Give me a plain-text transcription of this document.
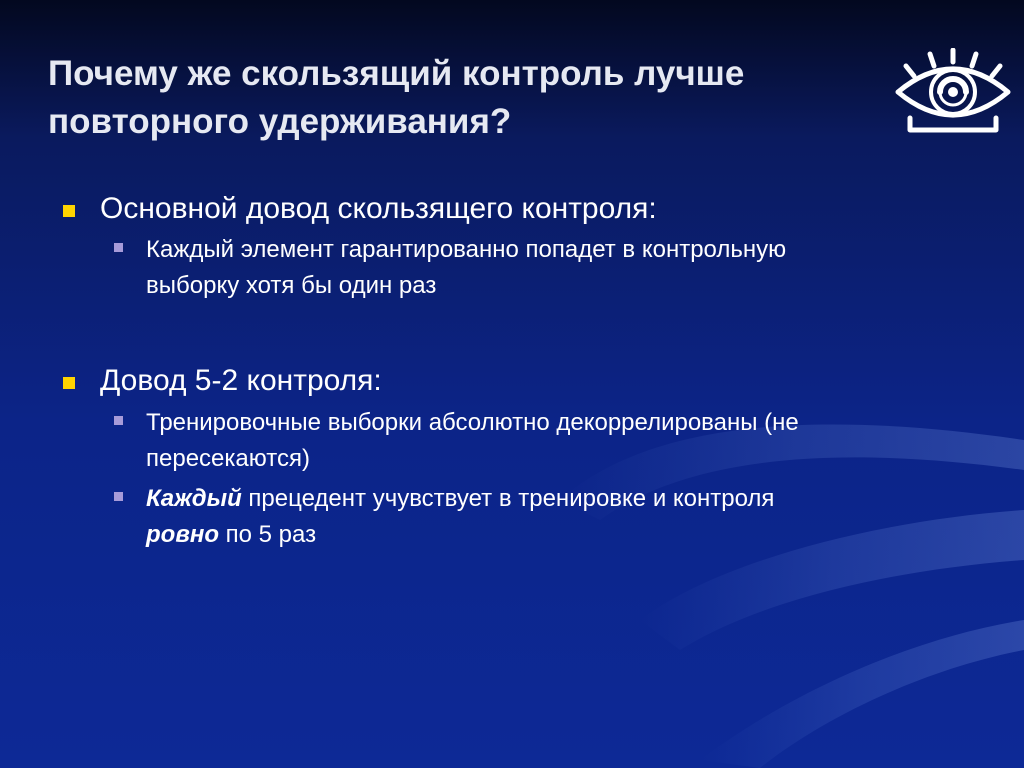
Почему же скользящий контроль лучше
повторного удерживания?
Основной довод скользящего контроля:
Каждый элемент гарантированно попадет в контрольную
выборку хотя бы один раз
Довод 5-2 контроля:
Тренировочные выборки абсолютно декоррелированы (не
пересекаются)
Каждый прецедент учувствует в тренировке и контроля
ровно по 5 раз
